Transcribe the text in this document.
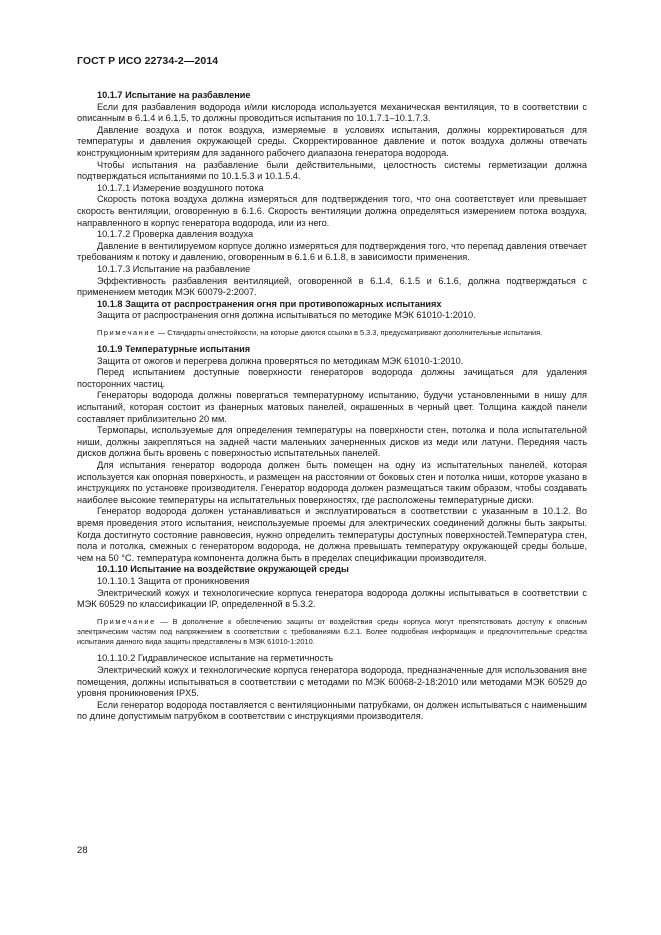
ГОСТ Р ИСО 22734-2—2014

10.1.7 Испытание на разбавление

Если для разбавления водорода и/или кислорода используется механическая вентиляция, то в соответствии с описанным в 6.1.4 и 6.1.5, то должны проводиться испытания по 10.1.7.1–10.1.7.3.

Давление воздуха и поток воздуха, измеряемые в условиях испытания, должны корректироваться для температуры и давления окружающей среды. Скорректированное давление и поток воздуха должны отвечать конструкционным критериям для заданного рабочего диапазона генератора водорода.

Чтобы испытания на разбавление были действительными, целостность системы герметизации должна подтверждаться испытаниями по 10.1.5.3 и 10.1.5.4.

10.1.7.1 Измерение воздушного потока

Скорость потока воздуха должна измеряться для подтверждения того, что она соответствует или превышает скорость вентиляции, оговоренную в 6.1.6. Скорость вентиляции должна определяться измерением потока воздуха, направленного в корпус генератора водорода, или из него.

10.1.7.2 Проверка давления воздуха

Давление в вентилируемом корпусе должно измеряться для подтверждения того, что перепад давления отвечает требованиям к потоку и давлению, оговоренным в 6.1.6 и 6.1.8, в зависимости применения.

10.1.7.3 Испытание на разбавление

Эффективность разбавления вентиляцией, оговоренной в 6.1.4, 6.1.5 и 6.1.6, должна подтверждаться с применением методик МЭК 60079-2:2007.

10.1.8 Защита от распространения огня при противопожарных испытаниях

Защита от распространения огня должна испытываться по методике МЭК 61010-1:2010.

Примечание — Стандарты огнестойкости, на которые даются ссылки в 5.3.3, предусматривают дополнительные испытания.

10.1.9 Температурные испытания

Защита от ожогов и перегрева должна проверяться по методикам МЭК 61010-1:2010.

Перед испытанием доступные поверхности генераторов водорода должны зачищаться для удаления посторонних частиц.

Генераторы водорода должны повергаться температурному испытанию, будучи установленными в нишу для испытаний, которая состоит из фанерных матовых панелей, окрашенных в черный цвет. Толщина каждой панели составляет приблизительно 20 мм.

Термопары, используемые для определения температуры на поверхности стен, потолка и пола испытательной ниши, должны закрепляться на задней части маленьких зачерненных дисков из меди или латуни. Передняя часть дисков должна быть вровень с поверхностью испытательных панелей.

Для испытания генератор водорода должен быть помещен на одну из испытательных панелей, которая используется как опорная поверхность, и размещен на расстоянии от боковых стен и потолка ниши, которое указано в инструкциях по установке производителя. Генератор водорода должен размещаться таким образом, чтобы создавать наиболее высокие температуры на испытательных поверхностях, где расположены температурные диски.

Генератор водорода должен устанавливаться и эксплуатироваться в соответствии с указанным в 10.1.2. Во время проведения этого испытания, неиспользуемые проемы для электрических соединений должны быть закрыты. Когда достигнуто состояние равновесия, нужно определить температуры доступных поверхностей.Температура стен, пола и потолка, смежных с генератором водорода, не должна превышать температуру окружающей среды больше, чем на 50 °С. температура компонента должна быть в пределах спецификации производителя.

10.1.10 Испытание на воздействие окружающей среды

10.1.10.1 Защита от проникновения

Электрический кожух и технологические корпуса генератора водорода должны испытываться в соответствии с МЭК 60529 по классификации IP, определенной в 5.3.2.

Примечание — В дополнение к обеспечению защиты от воздействия среды корпуса могут препятствовать доступу к опасным электрическим частям под напряжением в соответствии с требованиями 6.2.1. Более подробная информация и предпочтительные средства испытания данного вида защиты представлены в МЭК 61010-1:2010.

10.1.10.2 Гидравлическое испытание на герметичность

Электрический кожух и технологические корпуса генератора водорода, предназначенные для использования вне помещения, должны испытываться в соответствии с методами по МЭК 60068-2-18:2010 или методами МЭК 60529 до уровня проникновения IPX5.

Если генератор водорода поставляется с вентиляционными патрубками, он должен испытываться с наименьшим по длине допустимым патрубком в соответствии с инструкциями производителя.

28
